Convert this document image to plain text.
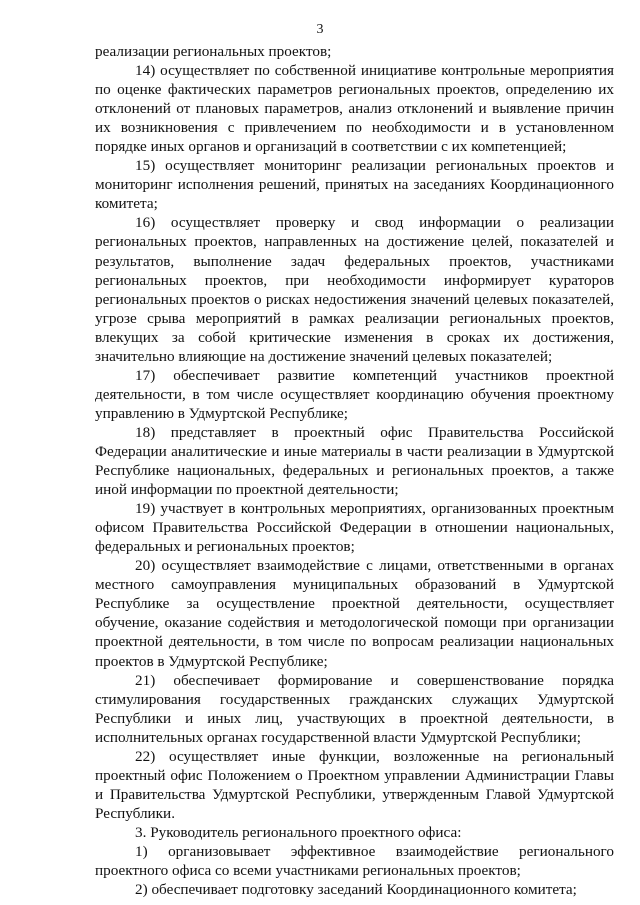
3

реализации региональных проектов;

14) осуществляет по собственной инициативе контрольные мероприятия по оценке фактических параметров региональных проектов, определению их отклонений от плановых параметров, анализ отклонений и выявление причин их возникновения с привлечением по необходимости и в установленном порядке иных органов и организаций в соответствии с их компетенцией;

15) осуществляет мониторинг реализации региональных проектов и мониторинг исполнения решений, принятых на заседаниях Координационного комитета;

16) осуществляет проверку и свод информации о реализации региональных проектов, направленных на достижение целей, показателей и результатов, выполнение задач федеральных проектов, участниками региональных проектов, при необходимости информирует кураторов региональных проектов о рисках недостижения значений целевых показателей, угрозе срыва мероприятий в рамках реализации региональных проектов, влекущих за собой критические изменения в сроках их достижения, значительно влияющие на достижение значений целевых показателей;

17) обеспечивает развитие компетенций участников проектной деятельности, в том числе осуществляет координацию обучения проектному управлению в Удмуртской Республике;

18) представляет в проектный офис Правительства Российской Федерации аналитические и иные материалы в части реализации в Удмуртской Республике национальных, федеральных и региональных проектов, а также иной информации по проектной деятельности;

19) участвует в контрольных мероприятиях, организованных проектным офисом Правительства Российской Федерации в отношении национальных, федеральных и региональных проектов;

20) осуществляет взаимодействие с лицами, ответственными в органах местного самоуправления муниципальных образований в Удмуртской Республике за осуществление проектной деятельности, осуществляет обучение, оказание содействия и методологической помощи при организации проектной деятельности, в том числе по вопросам реализации национальных проектов в Удмуртской Республике;

21) обеспечивает формирование и совершенствование порядка стимулирования государственных гражданских служащих Удмуртской Республики и иных лиц, участвующих в проектной деятельности, в исполнительных органах государственной власти Удмуртской Республики;

22) осуществляет иные функции, возложенные на региональный проектный офис Положением о Проектном управлении Администрации Главы и Правительства Удмуртской Республики, утвержденным Главой Удмуртской Республики.

3. Руководитель регионального проектного офиса:

1) организовывает эффективное взаимодействие регионального проектного офиса со всеми участниками региональных проектов;

2) обеспечивает подготовку заседаний Координационного комитета;
